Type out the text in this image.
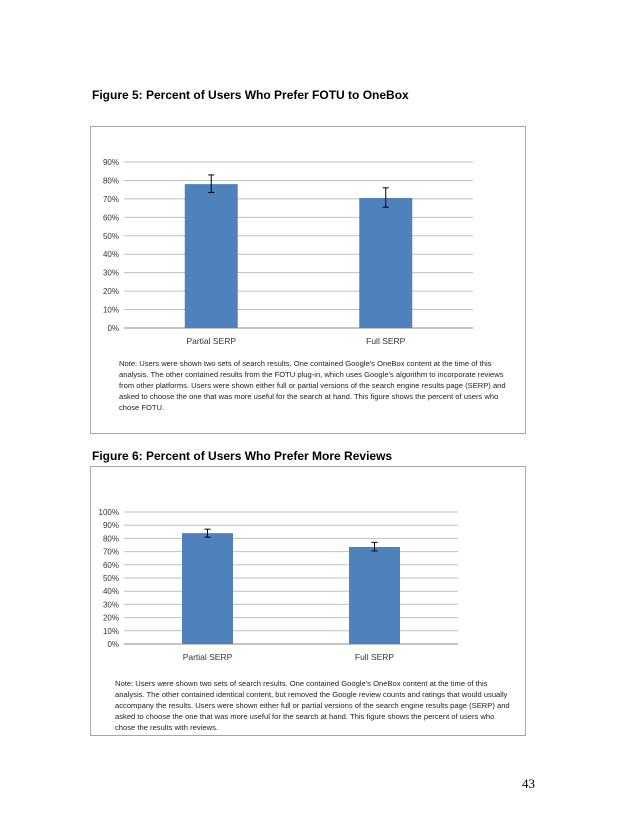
Figure 5: Percent of Users Who Prefer FOTU to OneBox
0%
10%
20%
30%
40%
50%
60%
70%
80%
90%
Partial SERP	Full SERP
Note: Users were shown two sets of search results. One contained Google's OneBox content at the time of this analysis. The other contained results from the FOTU plug-in, which uses Google's algorithm to incorporate reviews from other platforms. Users were shown either full or partial versions of the search engine results page (SERP) and asked to choose the one that was more useful for the search at hand. This figure shows the percent of users who chose FOTU.
Figure 6: Percent of Users Who Prefer More Reviews
0%
10%
20%
30%
40%
50%
60%
70%
80%
90%
100%
Partial SERP	Full SERP
Note: Users were shown two sets of search results. One contained Google's OneBox content at the time of this analysis. The other contained identical content, but removed the Google review counts and ratings that would usually accompany the results. Users were shown either full or partial versions of the search engine results page (SERP) and asked to choose the one that was more useful for the search at hand. This figure shows the percent of users who chose the results with reviews.
43
